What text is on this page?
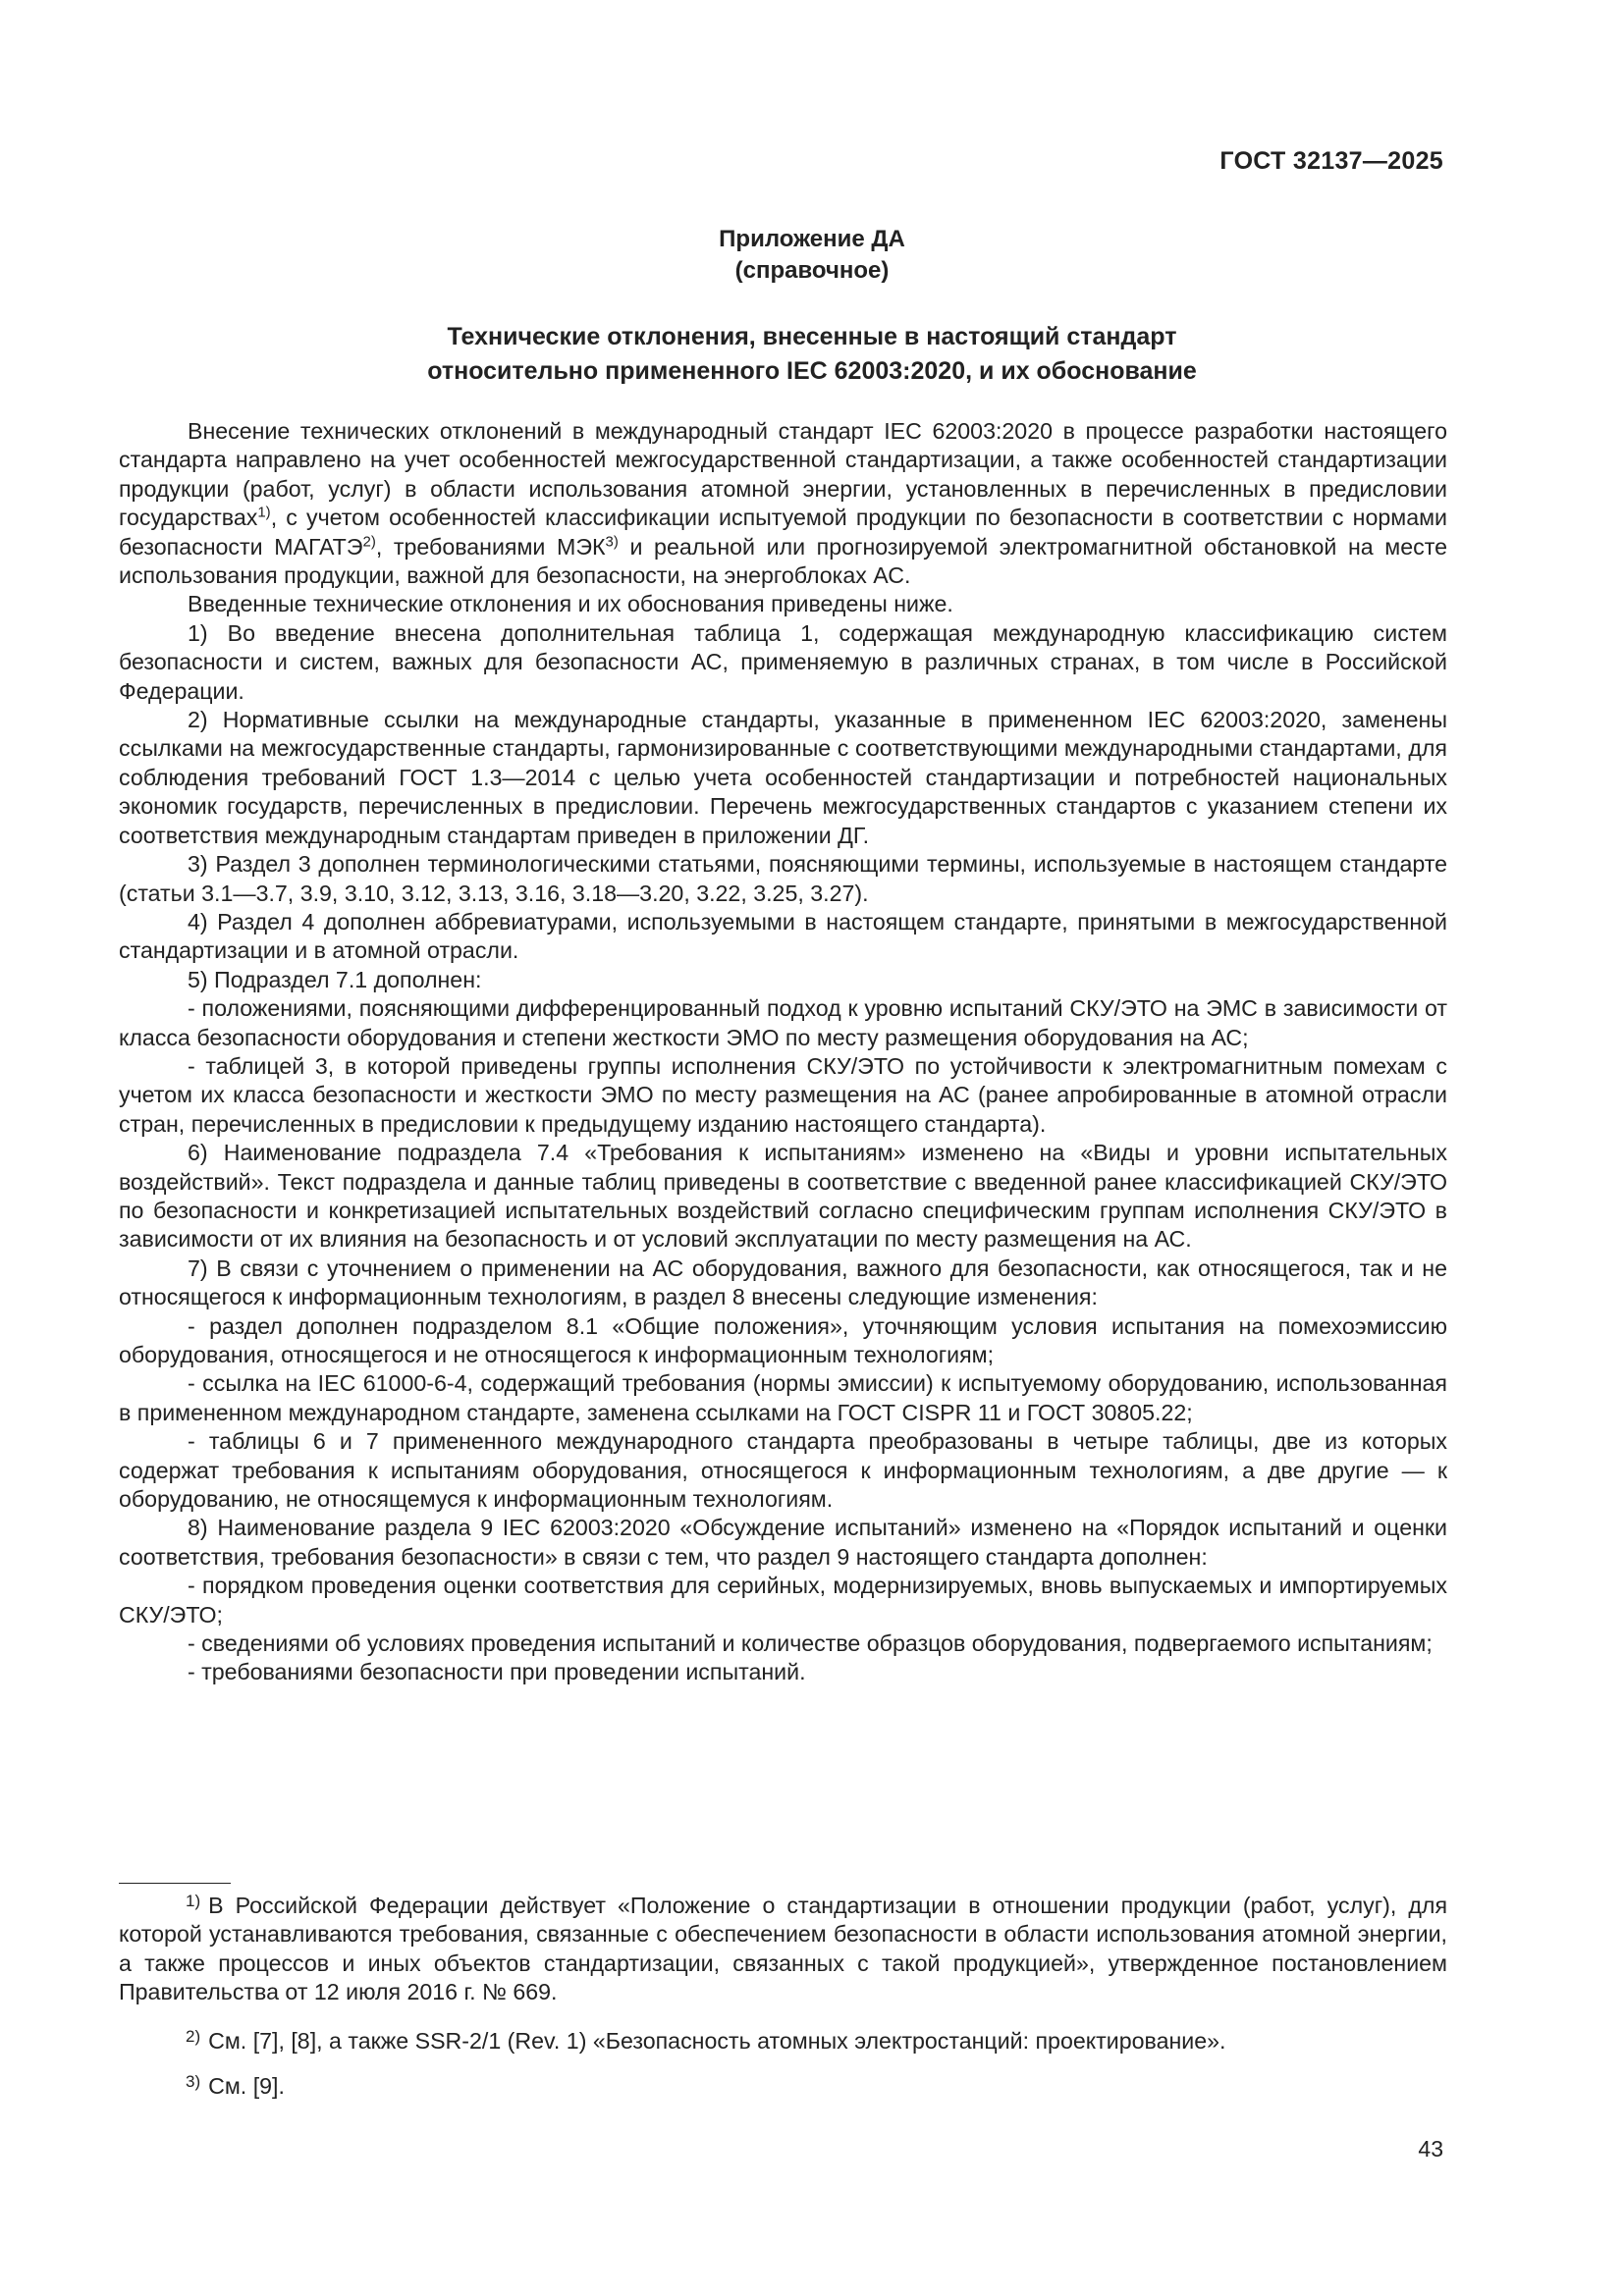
ГОСТ 32137—2025
Приложение ДА
(справочное)
Технические отклонения, внесенные в настоящий стандарт
относительно примененного IEC 62003:2020, и их обоснование

Внесение технических отклонений в международный стандарт IEC 62003:2020 в процессе разработки настоящего стандарта направлено на учет особенностей межгосударственной стандартизации, а также особенностей стандартизации продукции (работ, услуг) в области использования атомной энергии, установленных в перечисленных в предисловии государствах$^{1)}$, с учетом особенностей классификации испытуемой продукции по безопасности в соответствии с нормами безопасности МАГАТЭ$^{2)}$, требованиями МЭК$^{3)}$ и реальной или прогнозируемой электромагнитной обстановкой на месте использования продукции, важной для безопасности, на энергоблоках АС.

Введенные технические отклонения и их обоснования приведены ниже.

1) Во введение внесена дополнительная таблица 1, содержащая международную классификацию систем безопасности и систем, важных для безопасности АС, применяемую в различных странах, в том числе в Российской Федерации.

2) Нормативные ссылки на международные стандарты, указанные в примененном IEC 62003:2020, заменены ссылками на межгосударственные стандарты, гармонизированные с соответствующими международными стандартами, для соблюдения требований ГОСТ 1.3—2014 с целью учета особенностей стандартизации и потребностей национальных экономик государств, перечисленных в предисловии. Перечень межгосударственных стандартов с указанием степени их соответствия международным стандартам приведен в приложении ДГ.

3) Раздел 3 дополнен терминологическими статьями, поясняющими термины, используемые в настоящем стандарте (статьи 3.1—3.7, 3.9, 3.10, 3.12, 3.13, 3.16, 3.18—3.20, 3.22, 3.25, 3.27).

4) Раздел 4 дополнен аббревиатурами, используемыми в настоящем стандарте, принятыми в межгосударственной стандартизации и в атомной отрасли.

5) Подраздел 7.1 дополнен:

- положениями, поясняющими дифференцированный подход к уровню испытаний СКУ/ЭТО на ЭМС в зависимости от класса безопасности оборудования и степени жесткости ЭМО по месту размещения оборудования на АС;

- таблицей 3, в которой приведены группы исполнения СКУ/ЭТО по устойчивости к электромагнитным помехам с учетом их класса безопасности и жесткости ЭМО по месту размещения на АС (ранее апробированные в атомной отрасли стран, перечисленных в предисловии к предыдущему изданию настоящего стандарта).

6) Наименование подраздела 7.4 «Требования к испытаниям» изменено на «Виды и уровни испытательных воздействий». Текст подраздела и данные таблиц приведены в соответствие с введенной ранее классификацией СКУ/ЭТО по безопасности и конкретизацией испытательных воздействий согласно специфическим группам исполнения СКУ/ЭТО в зависимости от их влияния на безопасность и от условий эксплуатации по месту размещения на АС.

7) В связи с уточнением о применении на АС оборудования, важного для безопасности, как относящегося, так и не относящегося к информационным технологиям, в раздел 8 внесены следующие изменения:

- раздел дополнен подразделом 8.1 «Общие положения», уточняющим условия испытания на помехоэмиссию оборудования, относящегося и не относящегося к информационным технологиям;

- ссылка на IEC 61000-6-4, содержащий требования (нормы эмиссии) к испытуемому оборудованию, использованная в примененном международном стандарте, заменена ссылками на ГОСТ CISPR 11 и ГОСТ 30805.22;

- таблицы 6 и 7 примененного международного стандарта преобразованы в четыре таблицы, две из которых содержат требования к испытаниям оборудования, относящегося к информационным технологиям, а две другие — к оборудованию, не относящемуся к информационным технологиям.

8) Наименование раздела 9 IEC 62003:2020 «Обсуждение испытаний» изменено на «Порядок испытаний и оценки соответствия, требования безопасности» в связи с тем, что раздел 9 настоящего стандарта дополнен:

- порядком проведения оценки соответствия для серийных, модернизируемых, вновь выпускаемых и импортируемых СКУ/ЭТО;

- сведениями об условиях проведения испытаний и количестве образцов оборудования, подвергаемого испытаниям;

- требованиями безопасности при проведении испытаний.

$^{1)}$ В Российской Федерации действует «Положение о стандартизации в отношении продукции (работ, услуг), для которой устанавливаются требования, связанные с обеспечением безопасности в области использования атомной энергии, а также процессов и иных объектов стандартизации, связанных с такой продукцией», утвержденное постановлением Правительства от 12 июля 2016 г. № 669.

$^{2)}$ См. [7], [8], а также SSR-2/1 (Rev. 1) «Безопасность атомных электростанций: проектирование».

$^{3)}$ См. [9].

43
